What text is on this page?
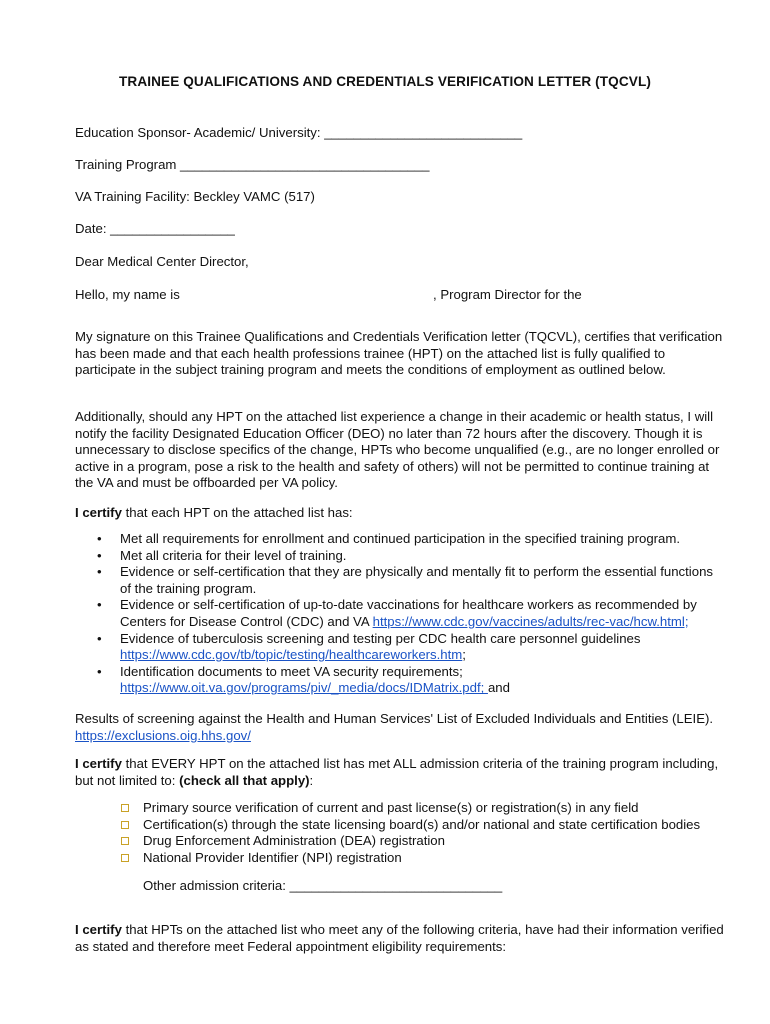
TRAINEE QUALIFICATIONS AND CREDENTIALS VERIFICATION LETTER (TQCVL)
Education Sponsor- Academic/ University: ___________________________
Training Program __________________________________
VA Training Facility: Beckley VAMC (517)
Date: _________________
Dear Medical Center Director,
Hello, my name is	, Program Director for the
My signature on this Trainee Qualifications and Credentials Verification letter (TQCVL), certifies that verification has been made and that each health professions trainee (HPT) on the attached list is fully qualified to participate in the subject training program and meets the conditions of employment as outlined below.
Additionally, should any HPT on the attached list experience a change in their academic or health status, I will notify the facility Designated Education Officer (DEO) no later than 72 hours after the discovery. Though it is unnecessary to disclose specifics of the change, HPTs who become unqualified (e.g., are no longer enrolled or active in a program, pose a risk to the health and safety of others) will not be permitted to continue training at the VA and must be offboarded per VA policy.
I certify that each HPT on the attached list has:
• Met all requirements for enrollment and continued participation in the specified training program.
• Met all criteria for their level of training.
• Evidence or self-certification that they are physically and mentally fit to perform the essential functions of the training program.
• Evidence or self-certification of up-to-date vaccinations for healthcare workers as recommended by Centers for Disease Control (CDC) and VA https://www.cdc.gov/vaccines/adults/rec-vac/hcw.html;
• Evidence of tuberculosis screening and testing per CDC health care personnel guidelines https://www.cdc.gov/tb/topic/testing/healthcareworkers.htm;
• Identification documents to meet VA security requirements; https://www.oit.va.gov/programs/piv/_media/docs/IDMatrix.pdf; and
Results of screening against the Health and Human Services' List of Excluded Individuals and Entities (LEIE). https://exclusions.oig.hhs.gov/
I certify that EVERY HPT on the attached list has met ALL admission criteria of the training program including, but not limited to: (check all that apply):
Primary source verification of current and past license(s) or registration(s) in any field
Certification(s) through the state licensing board(s) and/or national and state certification bodies
Drug Enforcement Administration (DEA) registration
National Provider Identifier (NPI) registration
Other admission criteria: _____________________________
I certify that HPTs on the attached list who meet any of the following criteria, have had their information verified as stated and therefore meet Federal appointment eligibility requirements:
